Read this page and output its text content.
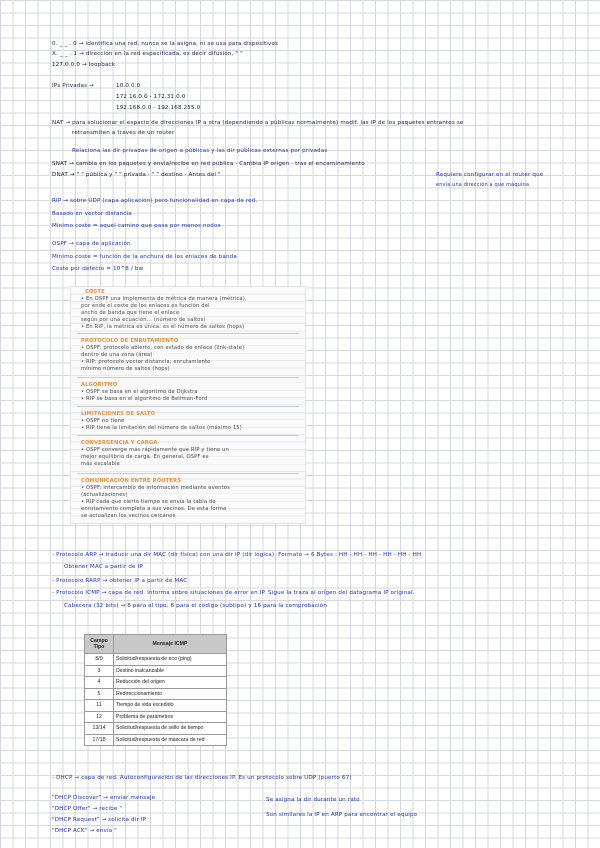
0. _ _ . 0 → identifica una red, nunca se la asigna, ni se usa para dispositivos
X. _ _ . 1 → dirección en la red especificada, es decir difusión, " "
127.0.0.0 → loopback
IPs Privadas →	10.0.0.0
172.16.0.0 - 172.31.0.0
192.168.0.0 - 192.168.255.0
NAT → para solucionar el espacio de direcciones IP a otra (dependiendo a públicas normalmente) modif. las IP de los paquetes entrantes se
retransmiten a través de un router
Relaciona las dir privadas de origen a públicas y las dir públicas externas por privadas
SNAT → cambia en los paquetes y envía/recibe en red pública · Cambia IP origen · tras el encaminamiento
DNAT → " " pública y " " privada · " " destino · Antes del "	Requiere configurar en el router que
envía una dirección a qué máquina
RIP → sobre UDP (capa aplicación) pero funcionalidad en capa de red.
Basado en vector distancia
Mínimo coste = aquel camino que pasa por menos nodos
OSPF → capa de aplicación
Mínimo coste = función de la anchura de los enlaces de banda
Coste por defecto = 10^8 / bw
COSTE
• En OSPF una implementa de métrica de manera (métrica),
por ende el coste de los enlaces es función del
ancho de banda que tiene el enlace.
según por una ecuación... (número de saltos)
• En RIP, la métrica es única: es el número de saltos (hops)
PROTOCOLO DE ENRUTAMIENTO
• OSPF: protocolo abierto, con estado de enlace (link-state)
dentro de una zona (área)
• RIP: protocolo vector distancia, enrutamiento
mínimo número de saltos (hops)
ALGORITMO
• OSPF se basa en el algoritmo de Dijkstra
• RIP se basa en el algoritmo de Bellman-Ford
LIMITACIONES DE SALTO
• OSPF no tiene
• RIP tiene la limitación del número de saltos (máximo 15)
CONVERGENCIA Y CARGA
• OSPF converge más rápidamente que RIP y tiene un
mejor equilibrio de carga. En general, OSPF es
más escalable
COMUNICACIÓN ENTRE ROUTERS
• OSPF: intercambio de información mediante eventos
(actualizaciones)
• RIP cada que cierto tiempo se envía la tabla de
enrutamiento completa a sus vecinos. De esta forma
se actualizan los vecinos cercanos
- Protocolo ARP → traducir una dir MAC (dir física) con una dir IP (dir lógica). Formato → 6 Bytes : HH - HH - HH - HH - HH - HH
Obtener MAC a partir de IP
- Protocolo RARP → obtener IP a partir de MAC
- Protocolo ICMP → capa de red. Informa sobre situaciones de error en IP. Sigue la traza al origen del datagrama IP original.
Cabecera (32 bits) → 8 para el tipo, 8 para el código (subtipo) y 16 para la comprobación
Campo Tipo	Mensaje ICMP
8/0	Solicitud/respuesta de eco (ping)
3	Destino inalcanzable
4	Reducción del origen
5	Redireccionamiento
11	Tiempo de vida excedido
12	Problema de parámetros
13/14	Solicitud/respuesta de sello de tiempo
17/18	Solicitud/respuesta de máscara de red
- DHCP → capa de red. Autoconfiguración de las direcciones IP. Es un protocolo sobre UDP (puerto 67)
"DHCP Discover" → enviar mensaje
"DHCP Offer" → recibe "
"DHCP Request" → solicita dir IP
"DHCP ACK" → envía "
Se asigna la dir durante un rato
Son similares la IP en ARP para encontrar el equipo
